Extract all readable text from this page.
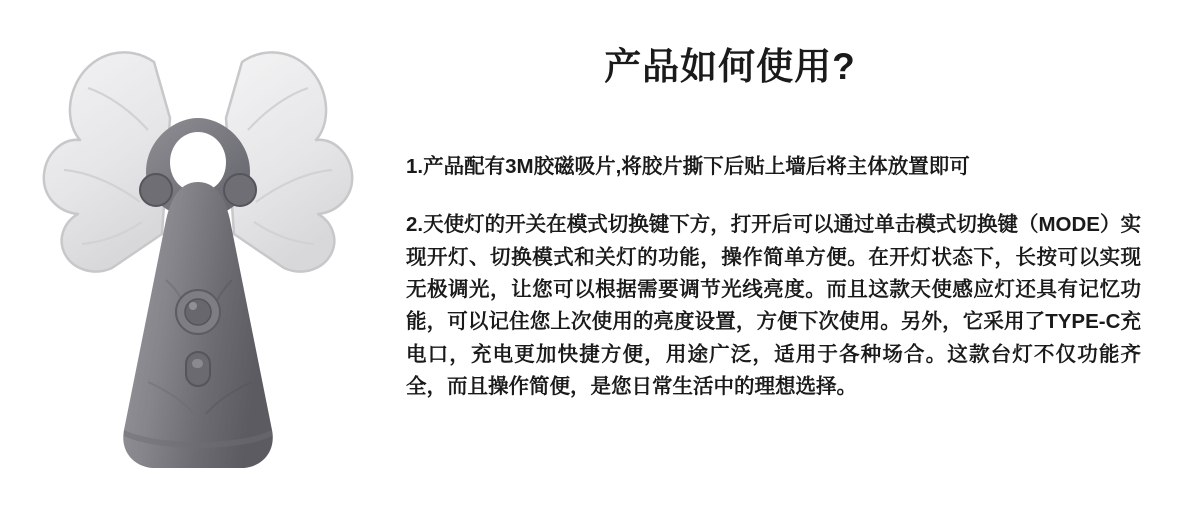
产品如何使用?

1.产品配有3M胶磁吸片,将胶片撕下后贴上墙后将主体放置即可

2.天使灯的开关在模式切换键下方，打开后可以通过单击模式切换键（MODE）实现开灯、切换模式和关灯的功能，操作简单方便。在开灯状态下，长按可以实现无极调光，让您可以根据需要调节光线亮度。而且这款天使感应灯还具有记忆功能，可以记住您上次使用的亮度设置，方便下次使用。另外，它采用了TYPE-C充电口，充电更加快捷方便，用途广泛，适用于各种场合。这款台灯不仅功能齐全，而且操作简便，是您日常生活中的理想选择。
